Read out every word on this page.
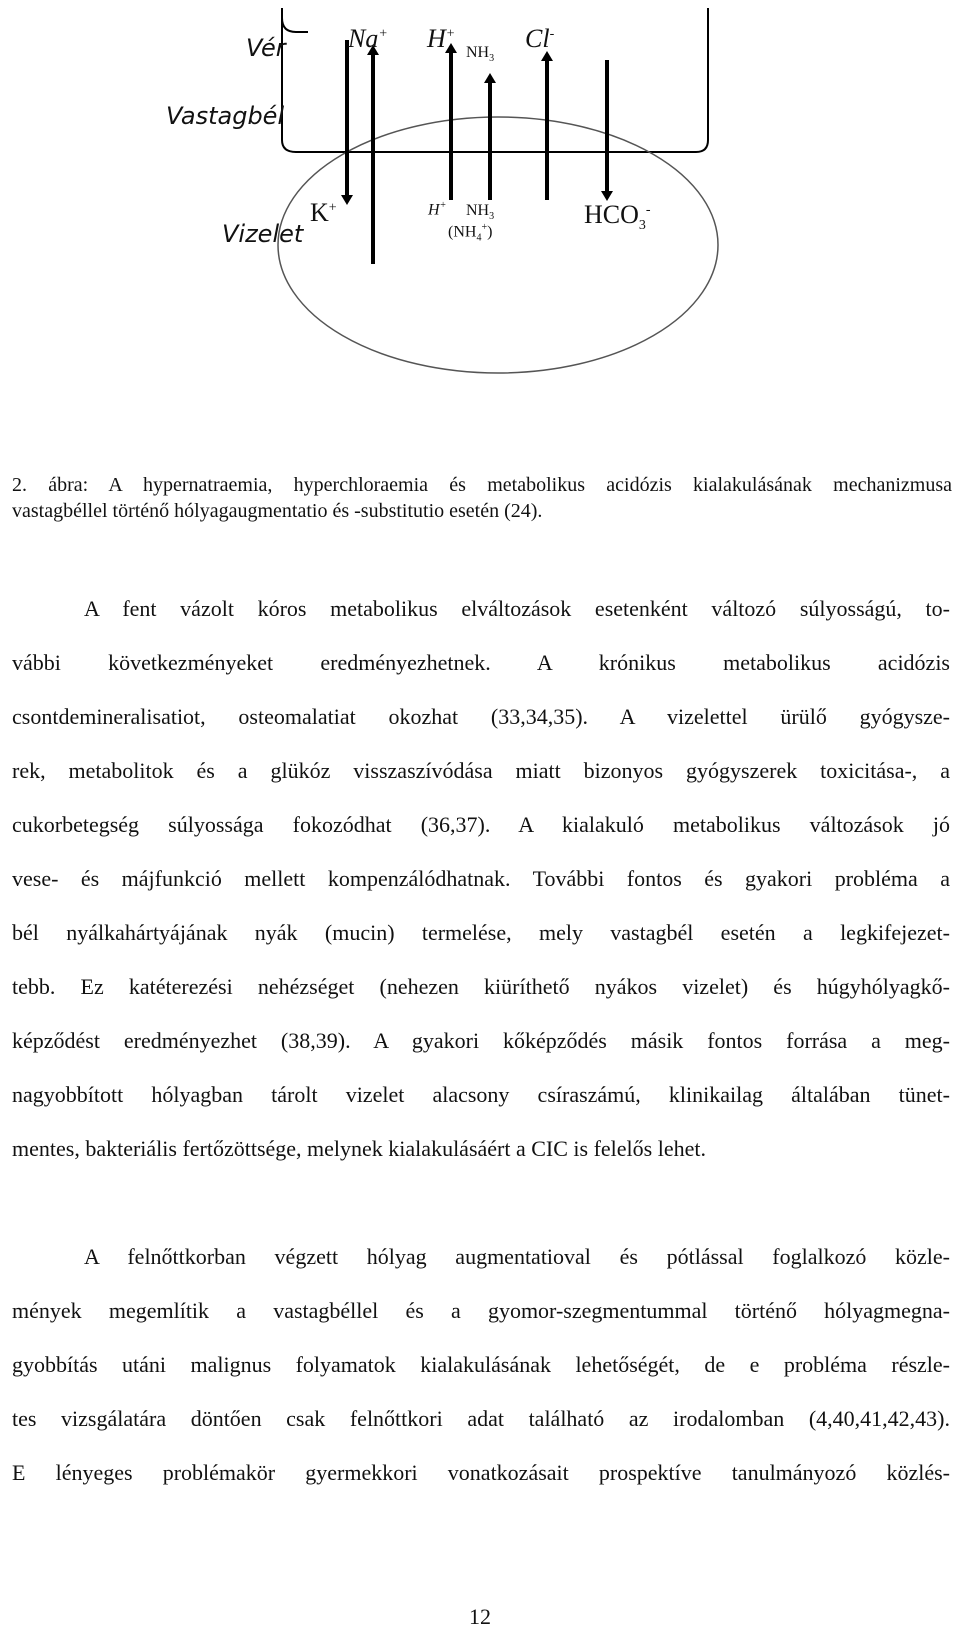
Vér
Vastagbél
Vizelet
Na+ H+
$NH_3$
Cl-
K+	H+ $NH_3$
$(NH_4^+)$
$HCO_3^-$
2. ábra: A hypernatraemia, hyperchloraemia és metabolikus acidózis kialakulásának mechanizmusa
vastagbéllel történő hólyagaugmentatio és -substitutio esetén (24).
A fent vázolt kóros metabolikus elváltozások esetenként változó súlyosságú, to-
vábbi következményeket eredményezhetnek. A krónikus metabolikus acidózis
csontdemineralisatiot, osteomalatiat okozhat (33,34,35). A vizelettel ürülő gyógysze-
rek, metabolitok és a glükóz visszaszívódása miatt bizonyos gyógyszerek toxicitása-, a
cukorbetegség súlyossága fokozódhat (36,37). A kialakuló metabolikus változások jó
vese- és májfunkció mellett kompenzálódhatnak. További fontos és gyakori probléma a
bél nyálkahártyájának nyák (mucin) termelése, mely vastagbél esetén a legkifejezet-
tebb. Ez katéterezési nehézséget (nehezen kiüríthető nyákos vizelet) és húgyhólyagkő-
képződést eredményezhet (38,39). A gyakori kőképződés másik fontos forrása a meg-
nagyobbított hólyagban tárolt vizelet alacsony csíraszámú, klinikailag általában tünet-
mentes, bakteriális fertőzöttsége, melynek kialakulásáért a CIC is felelős lehet.
A felnőttkorban végzett hólyag augmentatioval és pótlással foglalkozó közle-
mények megemlítik a vastagbéllel és a gyomor-szegmentummal történő hólyagmegna-
gyobbítás utáni malignus folyamatok kialakulásának lehetőségét, de e probléma részle-
tes vizsgálatára döntően csak felnőttkori adat található az irodalomban (4,40,41,42,43).
E lényeges problémakör gyermekkori vonatkozásait prospektíve tanulmányozó közlés-
12
